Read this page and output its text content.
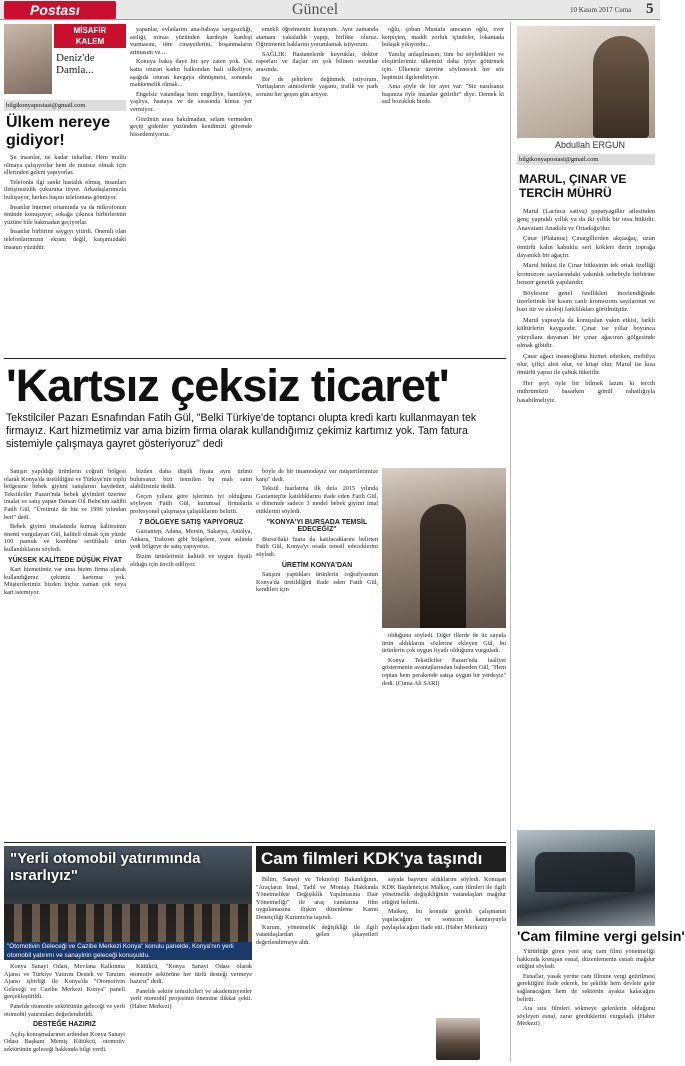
Postası	Güncel	10 Kasım 2017 Cuma 5
MİSAFİR
KALEM
Deniz'de Damla...
bilgikonyapostasi@gmail.com
Ülkem nereye gidiyor!

Şu insanlar, ne kadar tuhaflar. Hem mutlu olmaya çalışıyorlar hem de mutsuz olmak için ellerinden geleni yapıyorlar.

Telefonla ilgi sanki hastalık olmuş, insanları iletişimsizlik çukuruna itiyor. Arkadaşlarımızla buluşuyor, herkes başını telefonuna gömüyor.

İnsanlar internet ortamında ya da mikrofonun önünde konuşuyor; sokağa çıkınca birbirlerinin yüzüne bile bakmadan geçiyorlar.

İnsanlar birbirine saygıyı yitirdi. Önemli olan telefonlarımızın ekranı değil, karşımızdaki insanın yüzüdür.

yapanlar, evlatlarını ana-babaya saygısızlığı, asiliği, mirası yüzünden kardeşin kardeşi vurmasını, töre cinayetlerini, boşanmaların artmasını ve...

Konuya bakış daye bir şey zaten yok. Üst katta oturan kadın balkondan hali silkeliyor, aşağıda oturan kavgaya dönüşmesi, sonunda mahkemelik olmak...

Engelsiz vatandaşa hem engelliye, hamileye, yaşlıya, hastaya ve de sırasında kimse yer vermiyor.

Gözünün arası bakılmadan, selam vermeden geçip gidenler yüzünden kendimizi güvende hissedemiyoruz.

emekli öğretmenin kuzuyum. Aynı zamanda atamanı yakalatlık yapıp, birlikte oluruz. Öğretmenin haklarını yorumlamak istiyorum.

SAĞLIK: Hastanelerde kuyruklar, doktor raporları ve ilaçlar en çok bilinen sorunlar arasında.

Bir de şehirlere değinmek istiyorum. Yurttaşların atmosferde yaşamı, trafik ve park sorunu her geçen gün artıyor.

oğlu, çoban Mustafa amcanın oğlu, ever kerpiçten, maddi zorluk içindeler, lokantada bulaşık yıkıyordu...

Yanılış anlaşılmasın; tüm bu söyledikleri ve eleştirilerimiz ülkemizi daha iyiye götürmek için. Ülkemiz üzerine söylenecek her söz hepimizi ilgilendiriyor.

Ama şöyle de bir ayet var: "Siz nasılsanız başınıza öyle insanlar getirilir" diye. Demek ki asıl bozukluk bizde.

Abdullah ERGUN
bilgikonyapostasi@gmail.com
MARUL, ÇINAR VE TERCİH MÜHRÜ

Marul (Lactuca sativa) papatyagiller ailesinden genç yapraklı yıllık ya da iki yıllık bir otsu bitkidir. Anavatanı Anadolu ve Ortadoğu'dur.

Çınar (Platanus) Çınargillerden akçaağaç, uzun ömürlü kalın kabuklu sert kökleri derin toprağa dayanıklı bir ağaçtır.

Marul bitkisi ile Çınar bitkisinin tek ortak özelliği kromozom sayılarındaki yakınlık sebebiyle birbirine benzer genetik yapılarıdır.

Böylesine genel özellikleri incelendiğinde üzerlerinde bir kısım canlı kromozom sayılarının ve bazı tür ve ekoloji farklılıkları görülmüştür.

Marul yapısıyla da konuşulan yakın etkisi, farklı kültürlerin kaygısıdır. Çınar ise yıllar boyunca yüzyıllara dayanan bir çınar ağacının gölgesinde olmak gibidir.

Çınar ağacı insanoğluna hizmet ederken, mobilya olur, çiftçi aleti olur, ve kitap olur. Marul ise kısa ömürlü yapısı ile çabuk tüketilir.

Her şeyi öyle bir bilmek lazım ki tercih mührümüzü basarken gönül rahatlığıyla basabilmeliyiz.

'Cam filmine vergi gelsin'

Yürürlüğe giren yeni araç cam filmi yönetmeliği hakkında konuşan esnaf, düzenlemenin esnafı mağdur ettiğini söyledi.

Esnaflar, yasak yerine cam filmine vergi getirilmesi gerektiğini ifade ederek, bu şekilde hem devlete gelir sağlanacağını hem de sektörün ayakta kalacağını belirtti.

Ara sıra filmleri sökmeye gelenlerin olduğunu söyleyen esnaf, zarar gördüklerini vurguladı. (Haber Merkezi)

'Kartsız çeksiz ticaret'
Tekstilciler Pazarı Esnafından Fatih Gül, "Belki Türkiye'de toptancı olupta kredi kartı kullanmayan tek firmayız. Kart hizmetimiz var ama bizim firma olarak kullandığımız çekimiz kartımız yok. Tam fatura sistemiyle çalışmaya gayret gösteriyoruz" dedi

Satışın yapıldığı ürünlerin coğrafi bölgesi olarak Konya'da üretildiğini ve Türkiye'nin toplu bölgesine bebek giyimi satışlarını kaydeden, Tekstilciler Pazarı'nda bebek giyimleri üzerine imalat ve satış yapan Darsan Oil Bebe'nin sahibi Fatih Gül, "Üretimiz de biz ve 1996 yılından beri" dedi.

Bebek giyimi imalatında kumaş kalitesinin önemi vurgulayan Gül, kaliteli olmak için yüzde 100 pamuk ve kombine sertifikalı ürün kullandıklarını söyledi.

YÜKSEK KALİTEDE DÜŞÜK FİYAT

Kart hizmetimiz var ama bizim firma olarak kullandığımız çekimiz kartımız yok. Müşterilerimiz bizden hiçbir zaman çek veya kart istemiyor.

bizden daha düşük fiyata aynı ürünü bulursanız bizi temsilen bu malı satın alabilirsiniz dedik.

Geçen yıllara göre işlerinin iyi olduğunu söyleyen Fatih Gül, kurumsal firmalarla profesyonel çalışmaya çalıştıklarını belirtti.

7 BÖLGEYE SATIŞ YAPIYORUZ

Gaziantep, Adana, Mersin, Sakarya, Antalya, Ankara, Trabzon gibi bölgelere, yani aslında yedi bölgeye de satış yapıyoruz.

Bizim ürünlerimiz kaliteli ve uygun fiyatlı olduğu için tercih ediliyor.

böyle de bir imamodayız var müşterilerimize karşı" dedi.

Tekstil fuarlarına ilk defa 2015 yılında Gaziantep'te katıldıklarını ifade eden Fatih Gül, o dönemde sadece 3 model bebek giyimi imal ettiklerini söyledi.

"KONYA'YI BURSADA TEMSİL EDECEĞİZ"

Bursa'daki fuara da katılacaklarını belirten Fatih Gül, Konya'yı orada temsil edeceklerini söyledi.

ÜRETİM KONYA'DAN

Satışını yaptıkları ürünlerin coğrafyasının Konya'da üretildiğini ifade eden Fatih Gül, kendileri için

olduğunu söyledi. Diğer illerde de üz sayıda ürün aldıklarını sözlerine ekleyen Gül, bu ürünlerin çok uygun fiyatlı olduğunu vurguladı.

Konya Tekstilciler Pazarı'nda faaliyet göstermenin avantajlarından bahseden Gül, "Hem toptan hem perakende satışa uygun bir yerdeyiz" dedi. (Cuma Ali SARI)

"Yerli otomobil yatırımında ısrarlıyız"
"Otomotivin Geleceği ve Cazibe Merkezi Konya" konulu panelde, Konya'nın yerli otomobil yatırımı ve sanayinin geleceği konuşuldu.

Konya Sanayi Odası, Mevlana Kalkınma Ajansı ve Türkiye Yatırım Destek ve Tanıtım Ajansı işbirliği ile Konya'da "Otomotivin Geleceği ve Cazibe Merkezi Konya" paneli gerçekleştirildi.

Panelde otomotiv sektörünün geleceği ve yerli otomobil yatırımları değerlendirildi.

DESTEĞE HAZIRIZ

Açılış konuşmalarının ardından Konya Sanayi Odası Başkanı Memiş Kütükcü, otomotiv sektörünün geleceği hakkında bilgi verdi.

Kütükcü, "Konya Sanayi Odası olarak otomotiv sektörüne her türlü desteği vermeye hazırız" dedi.

Panelde sektör temsilcileri ve akademisyenler yerli otomobil projesinin önemine dikkat çekti. (Haber Merkezi)

Cam filmleri KDK'ya taşındı

Bilim, Sanayi ve Teknoloji Bakanlığının, "Araçların İmal, Tadil ve Montajı Hakkında Yönetmelikte Değişiklik Yapılmasına Dair Yönetmeliği" ile araç camlarına film uygulamasına ilişkin düzenleme Kamu Denetçiliği Kurumu'na taşındı.

Kurum, yönetmelik değişikliği ile ilgili vatandaşlardan gelen şikayetleri değerlendirmeye aldı.

sayıda başvuru aldıklarını söyledi. Konuşan KDK Başdenetçisi Malkoç, cam filmleri ile ilgili yönetmelik değişikliğinin vatandaşları mağdur ettiğini belirtti.

Malkoç, bu konuda gerekli çalışmanın yapılacağını ve sonucun kamuoyuyla paylaşılacağını ifade etti. (Haber Merkezi)
